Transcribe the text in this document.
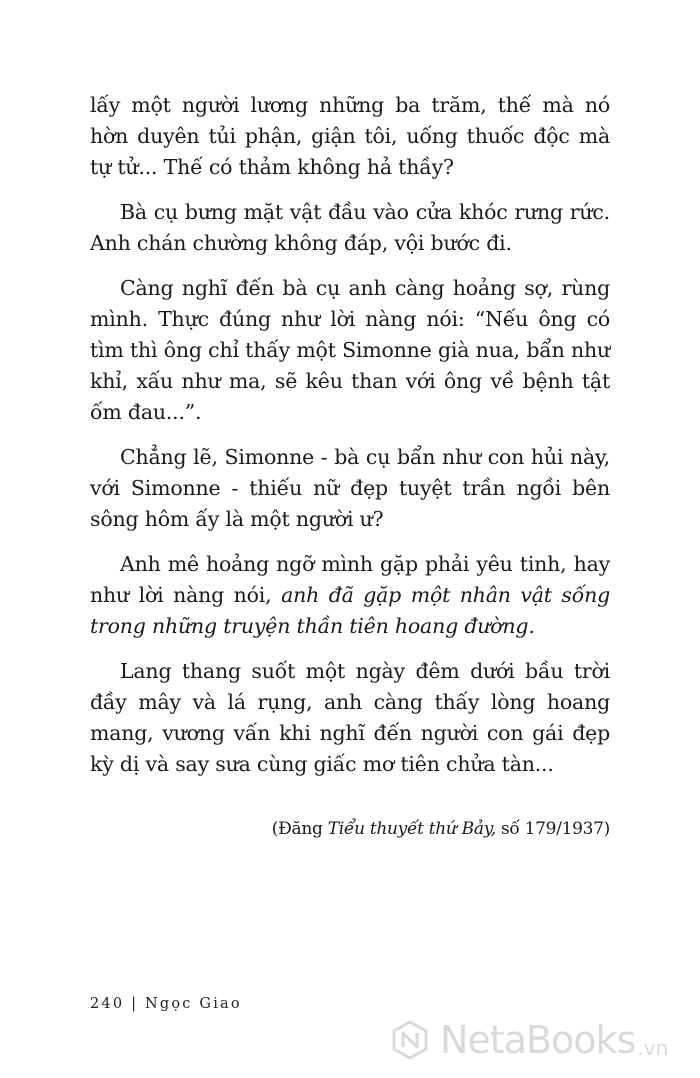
lấy một người lương những ba trăm, thế mà nó hờn duyên tủi phận, giận tôi, uống thuốc độc mà tự tử... Thế có thảm không hả thầy?

Bà cụ bưng mặt vật đầu vào cửa khóc rưng rức. Anh chán chường không đáp, vội bước đi.

Càng nghĩ đến bà cụ anh càng hoảng sợ, rùng mình. Thực đúng như lời nàng nói: “Nếu ông có tìm thì ông chỉ thấy một Simonne già nua, bẩn như khỉ, xấu như ma, sẽ kêu than với ông về bệnh tật ốm đau...”.

Chẳng lẽ, Simonne - bà cụ bẩn như con hủi này, với Simonne - thiếu nữ đẹp tuyệt trần ngồi bên sông hôm ấy là một người ư?

Anh mê hoảng ngỡ mình gặp phải yêu tinh, hay như lời nàng nói, anh đã gặp một nhân vật sống trong những truyện thần tiên hoang đường.

Lang thang suốt một ngày đêm dưới bầu trời đầy mây và lá rụng, anh càng thấy lòng hoang mang, vương vấn khi nghĩ đến người con gái đẹp kỳ dị và say sưa cùng giấc mơ tiên chửa tàn...

(Đăng Tiểu thuyết thứ Bảy, số 179/1937)
240 | Ngọc Giao
NetaBooks .vn
